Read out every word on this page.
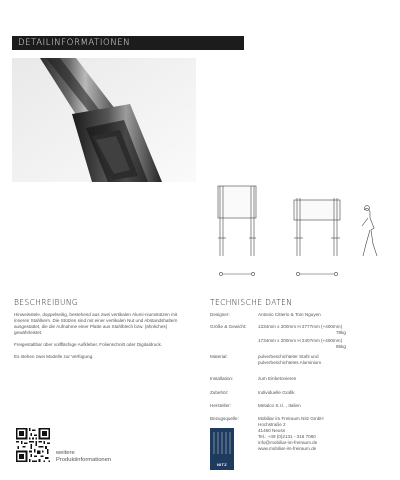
DETAILINFORMATIONEN
BESCHREIBUNG

Hinweisstele, doppelseitig, bestehend aus zwei vertikalen Alumi-niumstützen mit inneren Stahlkern. Die Stützen sind mit einer vertikalen Nut und Abstandshaltern ausgestattet, die die Aufnahme einer Platte aus Stahlblech bzw. (ähnliches) gewährleistet.

Freigestaltbar über vollflächige Aufkleber, Folienschnitt oder Digitaldruck.

Es stehen zwei Modelle zur Verfügung.

TECHNISCHE DATEN
Designer:	Antonio Citterio & Tom Nguyen
Größe & Gewicht:	1334mm x 200mm H 2777mm (+400mm)
78kg
1734mm x 200mm H 2407mm (+400mm)
85kg
Material:	pulverbeschichteter Stahl und
pulverbeschichtetes Aluminium
Installation:	zum Einbetonieren
Zubehör:	Individuelle Grafik
Hersteller:	Metalco S.r.l. , Italien
Bezugsquelle:
NITZ
Mobiliar im Freiraum Nitz GmbH
Hochstraße 2
41460 Neuss
Tel.: +49 (0)2131 - 316 7060
info@mobiliar-im-freiraum.de
www.mobiliar-im-freiraum.de
weitere
Produktinformationen
